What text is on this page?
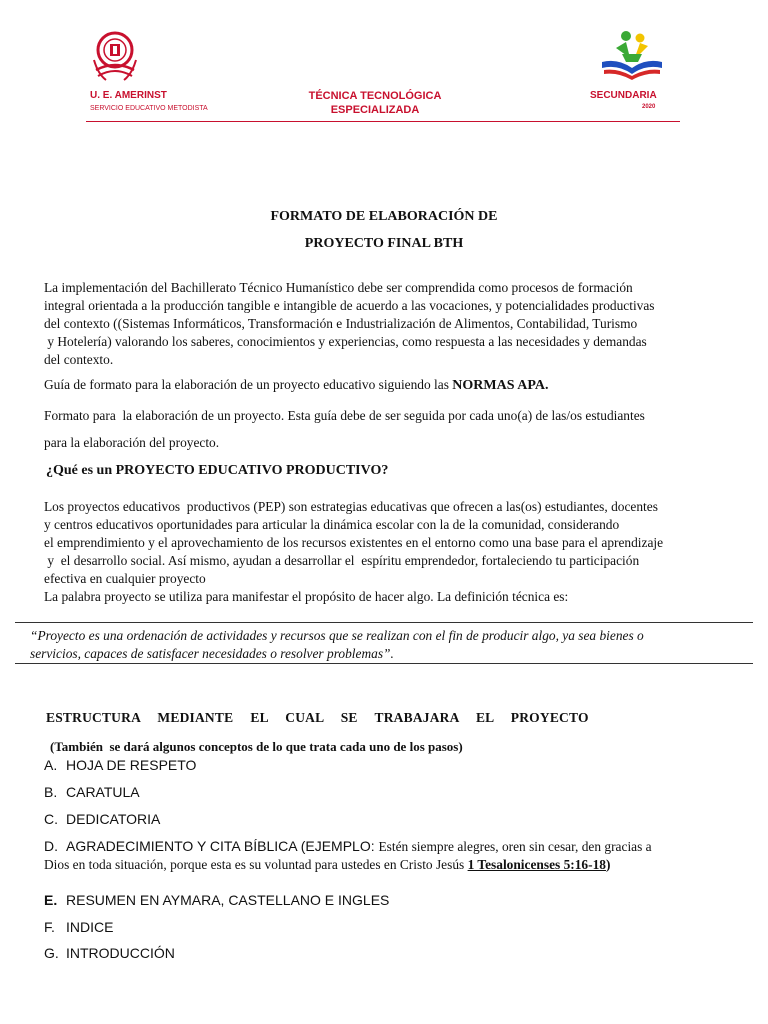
U. E. AMERINST
SERVICIO EDUCATIVO METODISTA
TÉCNICA TECNOLÓGICA
ESPECIALIZADA
SECUNDARIA
2020
FORMATO DE ELABORACIÓN DE
PROYECTO FINAL BTH
La implementación del Bachillerato Técnico Humanístico debe ser comprendida como procesos de formación
integral orientada a la producción tangible e intangible de acuerdo a las vocaciones, y potencialidades productivas
del contexto ((Sistemas Informáticos, Transformación e Industrialización de Alimentos, Contabilidad, Turismo
y Hotelería) valorando los saberes, conocimientos y experiencias, como respuesta a las necesidades y demandas
del contexto.
Guía de formato para la elaboración de un proyecto educativo siguiendo las NORMAS APA.
Formato para  la elaboración de un proyecto. Esta guía debe de ser seguida por cada uno(a) de las/os estudiantes
para la elaboración del proyecto.
¿Qué es un PROYECTO EDUCATIVO PRODUCTIVO?
Los proyectos educativos  productivos (PEP) son estrategias educativas que ofrecen a las(os) estudiantes, docentes
y centros educativos oportunidades para articular la dinámica escolar con la de la comunidad, considerando
el emprendimiento y el aprovechamiento de los recursos existentes en el entorno como una base para el aprendizaje
y  el desarrollo social. Así mismo, ayudan a desarrollar el  espíritu emprendedor, fortaleciendo tu participación
efectiva en cualquier proyecto
La palabra proyecto se utiliza para manifestar el propósito de hacer algo. La definición técnica es:
“Proyecto es una ordenación de actividades y recursos que se realizan con el fin de producir algo, ya sea bienes o
servicios, capaces de satisfacer necesidades o resolver problemas”.
ESTRUCTURA  MEDIANTE  EL  CUAL  SE  TRABAJARA  EL  PROYECTO
(También  se dará algunos conceptos de lo que trata cada uno de los pasos)
A. HOJA DE RESPETO
B. CARATULA
C. DEDICATORIA
D. AGRADECIMIENTO Y CITA BÍBLICA (EJEMPLO: Estén siempre alegres, oren sin cesar, den gracias a
Dios en toda situación, porque esta es su voluntad para ustedes en Cristo Jesús 1 Tesalonicenses 5:16-18)
E. RESUMEN EN AYMARA, CASTELLANO E INGLES
F. INDICE
G. INTRODUCCIÓN
